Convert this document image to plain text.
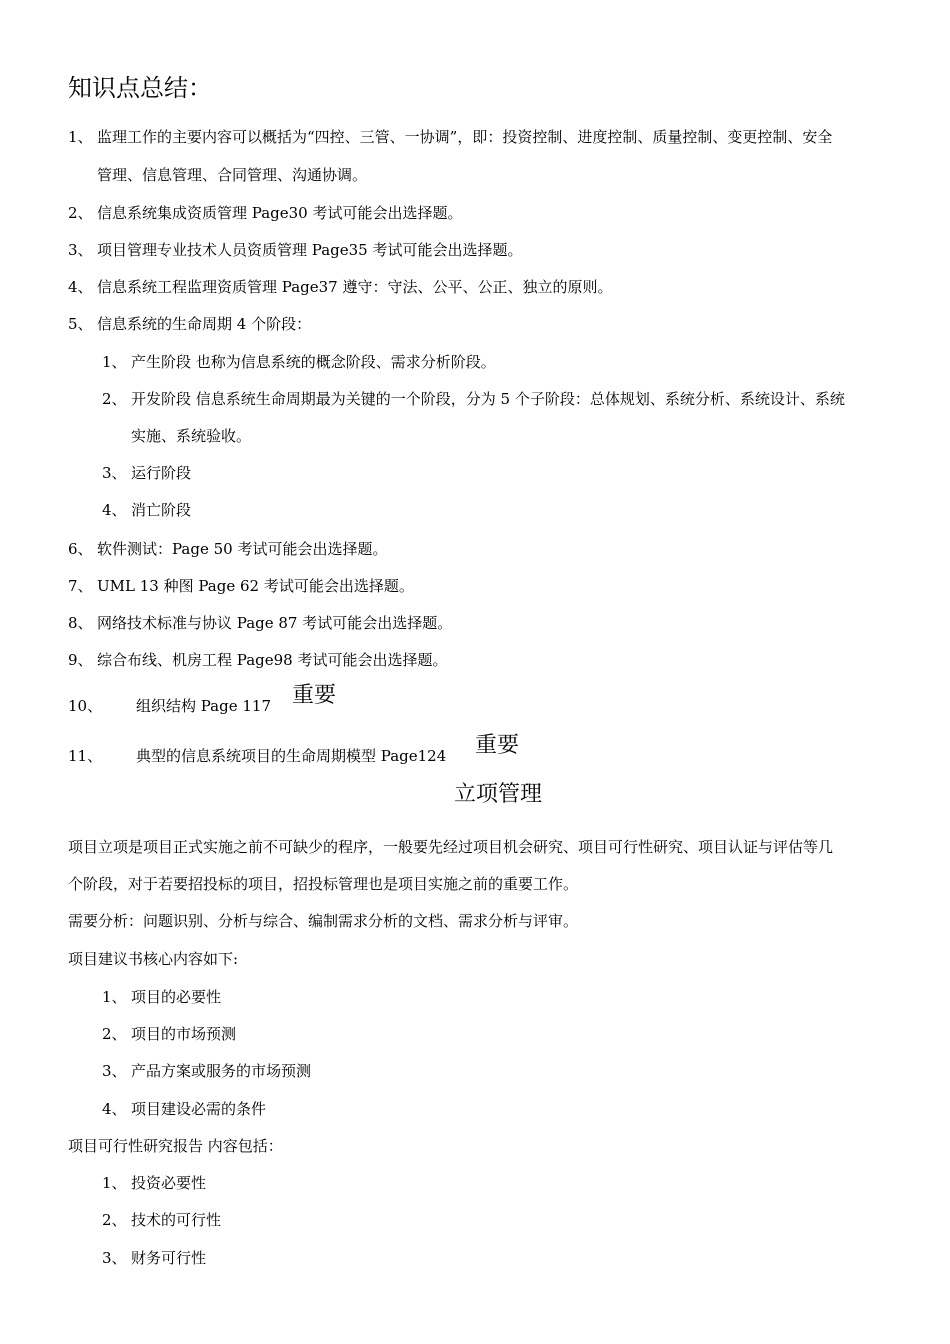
知识点总结：
1、 监理工作的主要内容可以概括为“四控、三管、一协调”，即：投资控制、进度控制、质量控制、变更控制、安全
管理、信息管理、合同管理、沟通协调。
2、 信息系统集成资质管理 Page30 考试可能会出选择题。
3、 项目管理专业技术人员资质管理 Page35 考试可能会出选择题。
4、 信息系统工程监理资质管理 Page37 遵守：守法、公平、公正、独立的原则。
5、 信息系统的生命周期 4 个阶段：
1、 产生阶段 也称为信息系统的概念阶段、需求分析阶段。
2、 开发阶段 信息系统生命周期最为关键的一个阶段，分为 5 个子阶段：总体规划、系统分析、系统设计、系统
实施、系统验收。
3、 运行阶段
4、 消亡阶段
6、 软件测试：Page 50 考试可能会出选择题。
7、 UML 13 种图 Page 62 考试可能会出选择题。
8、 网络技术标准与协议 Page 87 考试可能会出选择题。
9、 综合布线、机房工程 Page98 考试可能会出选择题。
10、 组织结构 Page 117 重要
11、 典型的信息系统项目的生命周期模型 Page124 重要
立项管理
项目立项是项目正式实施之前不可缺少的程序，一般要先经过项目机会研究、项目可行性研究、项目认证与评估等几
个阶段，对于若要招投标的项目，招投标管理也是项目实施之前的重要工作。
需要分析：问题识别、分析与综合、编制需求分析的文档、需求分析与评审。
项目建议书核心内容如下:
1、 项目的必要性
2、 项目的市场预测
3、 产品方案或服务的市场预测
4、 项目建设必需的条件
项目可行性研究报告 内容包括：
1、 投资必要性
2、 技术的可行性
3、 财务可行性
